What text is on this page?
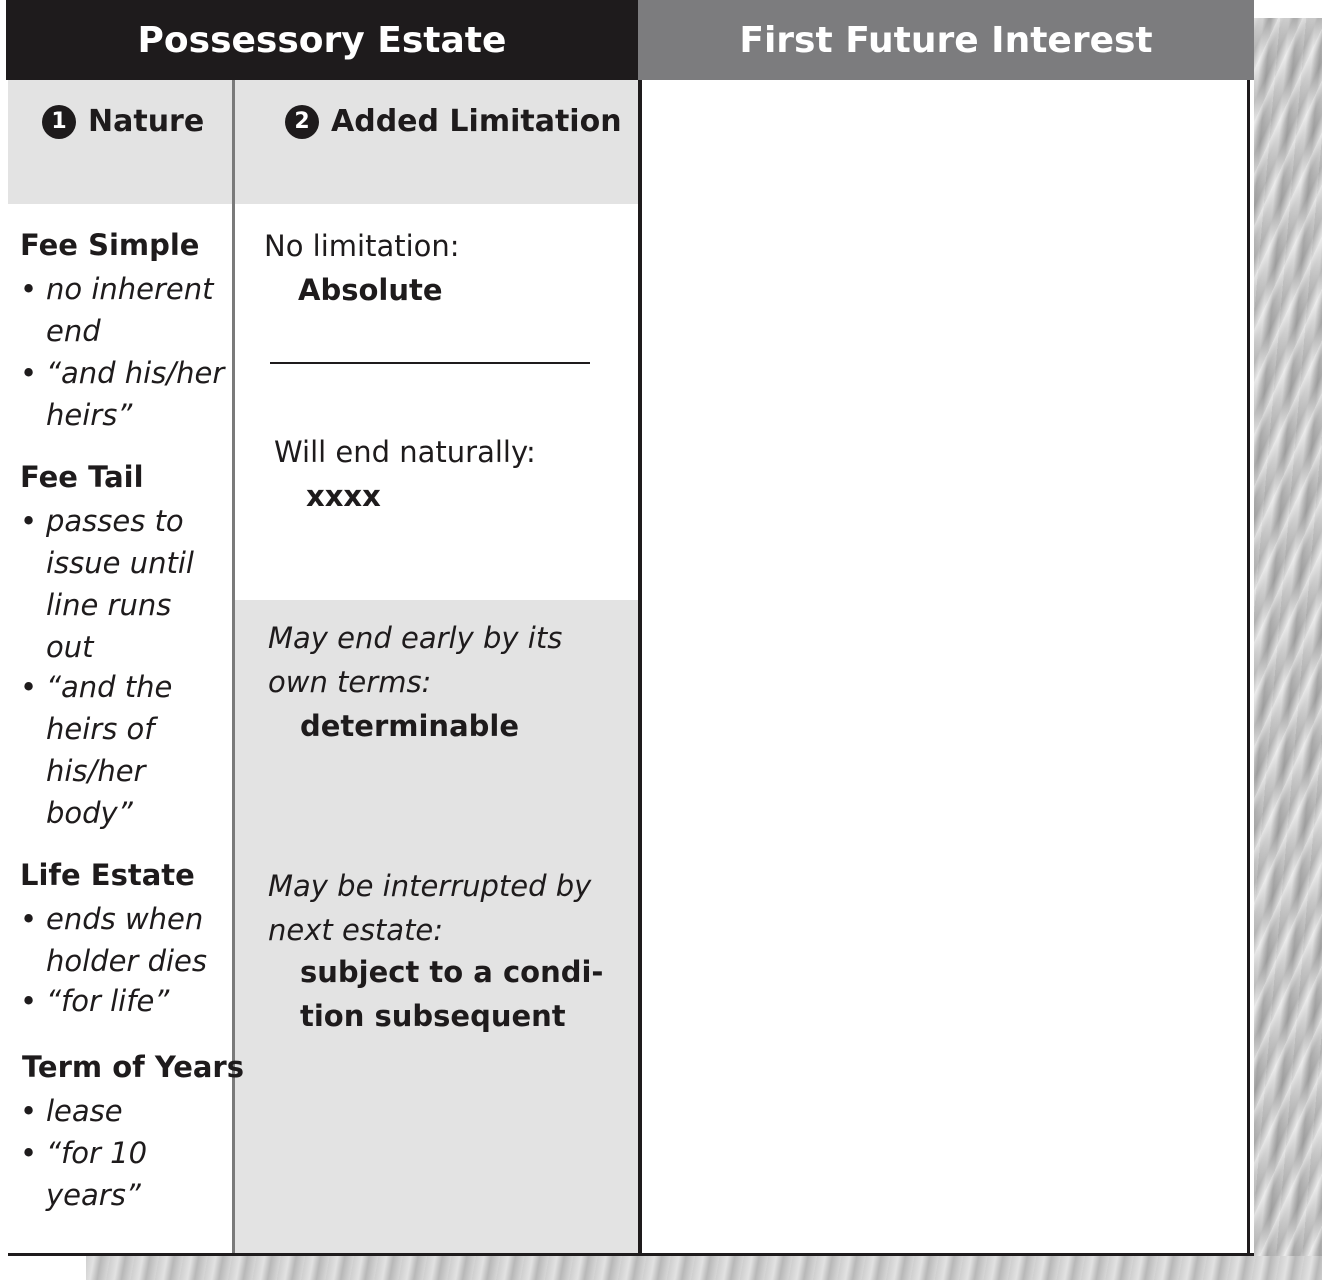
Possessory Estate	First Future Interest
1 Nature	2 Added Limitation
Fee Simple
• no inherent
end
• “and his/her
heirs”
Fee Tail
• passes to
issue until
line runs
out
• “and the
heirs of
his/her
body”
Life Estate
• ends when
holder dies
• “for life”
Term of Years
• lease
• “for 10
years”
No limitation:
Absolute
Will end naturally:
xxxx
May end early by its
own terms:
determinable
May be interrupted by
next estate:
subject to a condi-
tion subsequent
